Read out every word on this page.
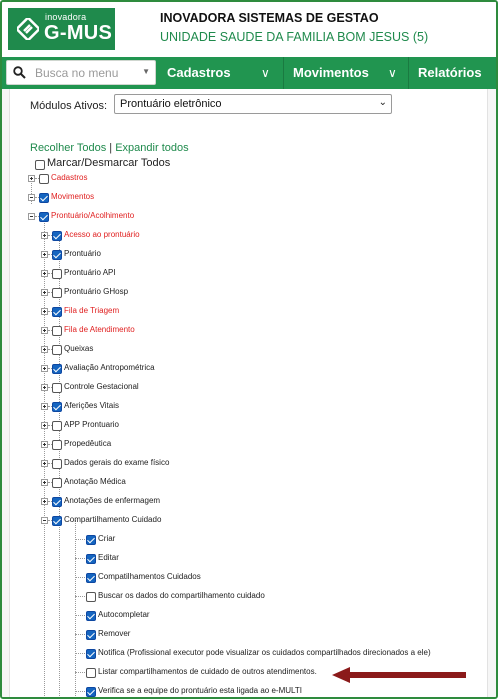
inovadora
G-MUS
INOVADORA SISTEMAS DE GESTAO
UNIDADE SAUDE DA FAMILIA BOM JESUS (5)
Busca no menu	▼ Cadastros	∨ Movimentos ∨ Relatórios
Módulos Ativos: Prontuário eletrônico	⌄
Recolher Todos | Expandir todos
Marcar/Desmarcar Todos
Cadastros
Movimentos
Prontuário/Acolhimento
Acesso ao prontuário
Prontuário
Prontuário API
Prontuário GHosp
Fila de Triagem
Fila de Atendimento
Queixas
Avaliação Antropométrica
Controle Gestacional
Aferições Vitais
APP Prontuario
Propedêutica
Dados gerais do exame físico
Anotação Médica
Anotações de enfermagem
Compartilhamento Cuidado
Criar
Editar
Compatilhamentos Cuidados
Buscar os dados do compartilhamento cuidado
Autocompletar
Remover
Notifica (Profissional executor pode visualizar os cuidados compartilhados direcionados a ele)
Listar compartilhamentos de cuidado de outros atendimentos.
Verifica se a equipe do prontuário esta ligada ao e-MULTI
